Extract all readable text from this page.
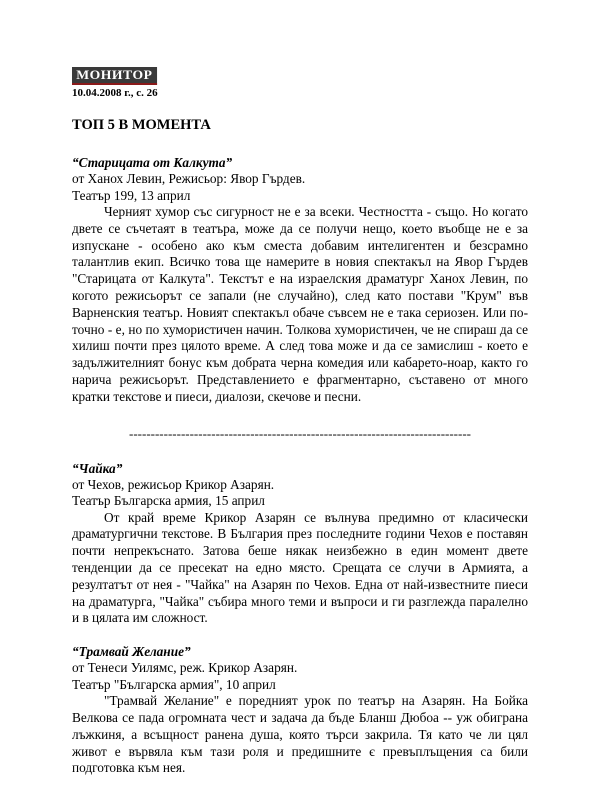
МОНИТОР
10.04.2008 г., с. 26
ТОП 5 В МОМЕНТА
“Старицата от Калкута”
от Ханох Левин, Режисьор: Явор Гърдев.
Театър 199, 13 април
Черният хумор със сигурност не е за всеки. Честността - също. Но когато двете се съчетаят в театъра, може да се получи нещо, което въобще не е за изпускане - особено ако към сместа добавим интелигентен и безсрамно талантлив екип. Всичко това ще намерите в новия спектакъл на Явор Гърдев "Старицата от Калкута". Текстът е на израелския драматург Ханох Левин, по когото режисьорът се запали (не случайно), след като постави "Крум" във Варненския театър. Новият спектакъл обаче съвсем не е така сериозен. Или по-точно - е, но по хумористичен начин. Толкова хумористичен, че не спираш да се хилиш почти през цялото време. А след това може и да се замислиш - което е задължителният бонус към добрата черна комедия или кабарето-ноар, както го нарича режисьорът. Представлението е фрагментарно, съставено от много кратки текстове и пиеси, диалози, скечове и песни.
-------------------------------------------------------------------------------
“Чайка”
от Чехов, режисьор Крикор Азарян.
Театър Българска армия, 15 април
От край време Крикор Азарян се вълнува предимно от класически драматургични текстове. В България през последните години Чехов е поставян почти непрекъснато. Затова беше някак неизбежно в един момент двете тенденции да се пресекат на едно място. Срещата се случи в Армията, а резултатът от нея - "Чайка" на Азарян по Чехов. Една от най-известните пиеси на драматурга, "Чайка" събира много теми и въпроси и ги разглежда паралелно и в цялата им сложност.
“Трамвай Желание”
от Тенеси Уилямс, реж. Крикор Азарян.
Театър "Българска армия", 10 април
"Трамвай Желание" е поредният урок по театър на Азарян. На Бойка Велкова се пада огромната чест и задача да бъде Бланш Дюбоа -- уж обиграна лъжкиня, а всъщност ранена душа, която търси закрила. Тя като че ли цял живот е вървяла към тази роля и предишните є превъплъщения са били подготовка към нея.
